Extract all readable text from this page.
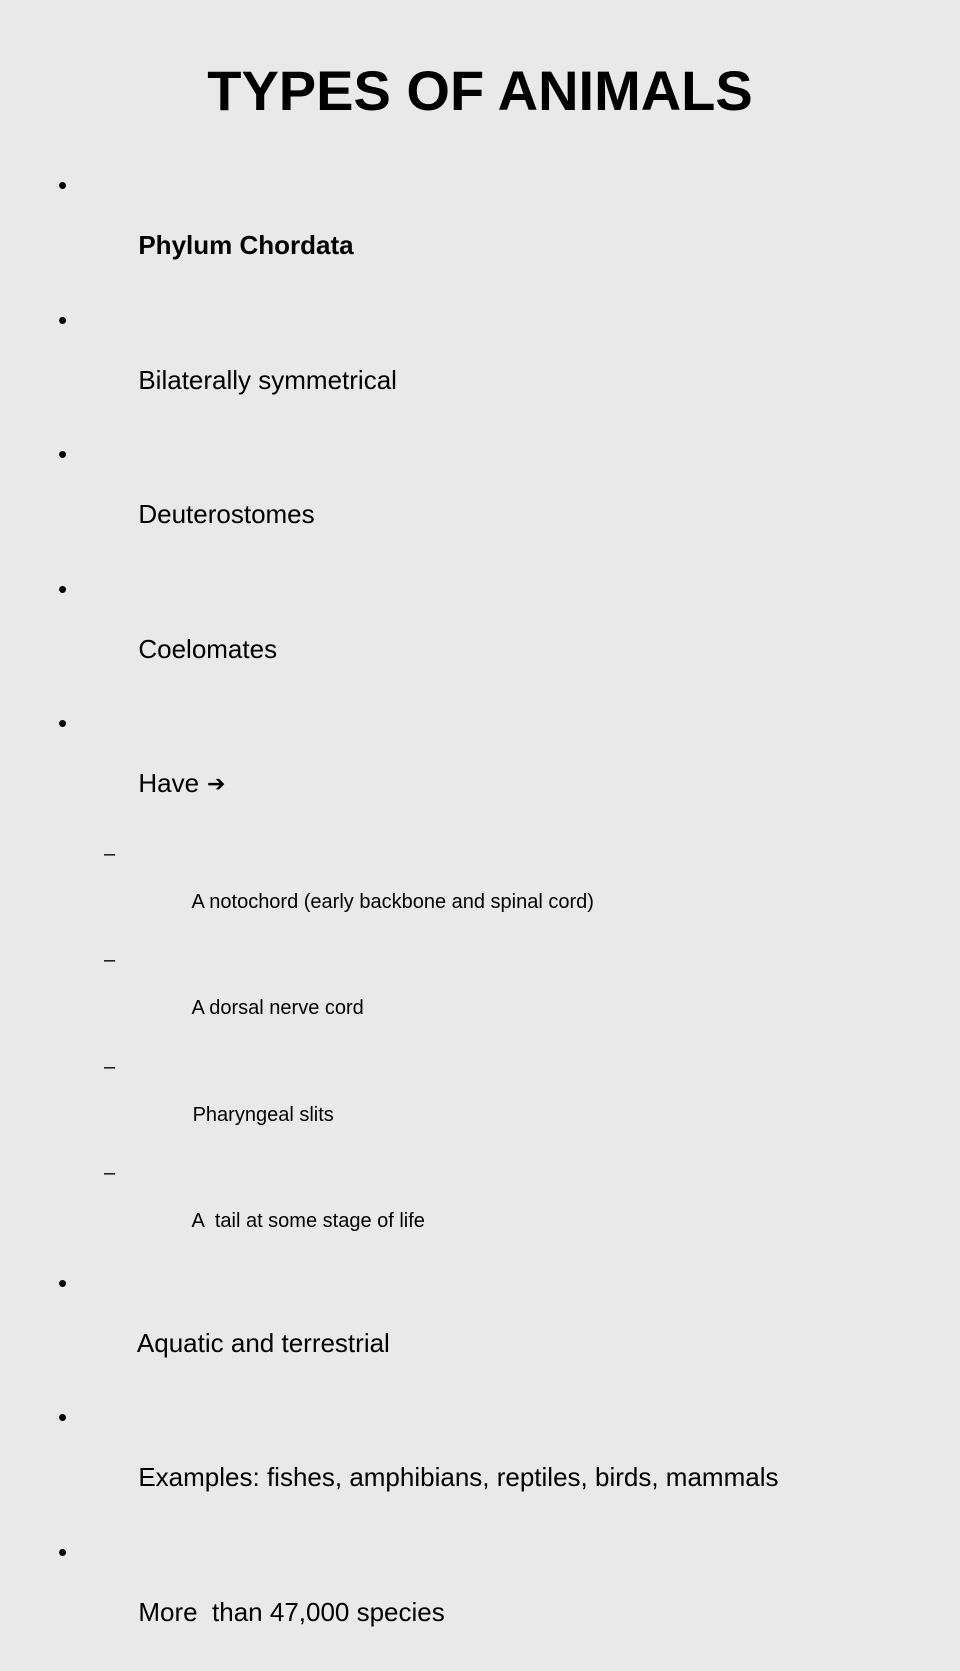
TYPES OF ANIMALS

•

Phylum Chordata

•

Bilaterally symmetrical

•

Deuterostomes

•

Coelomates

•

Have ➔

–

A notochord (early backbone and spinal cord)

–

A dorsal nerve cord

–

Pharyngeal slits

–

A  tail at some stage of life

•

Aquatic and terrestrial

•

Examples: fishes, amphibians, reptiles, birds, mammals

•

More  than 47,000 species
